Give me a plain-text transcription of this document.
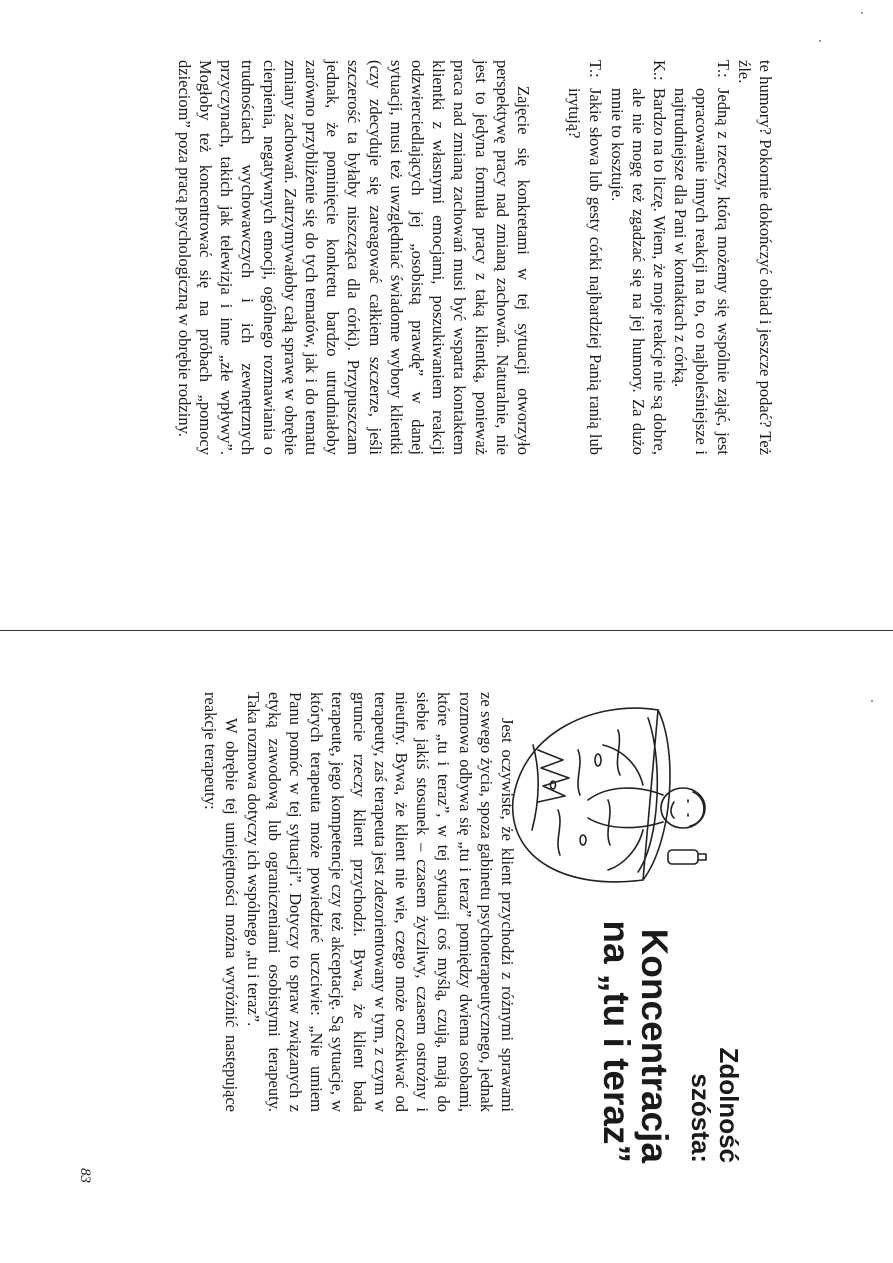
te humory? Pokornie dokończyć obiad i jeszcze podać? Też źle.

T.:
Jedną z rzeczy, którą możemy się wspólnie zająć, jest opracowanie innych reakcji na to, co najboleśniejsze i najtrudniejsze dla Pani w kontaktach z córką.
K.:
Bardzo na to liczę. Wiem, że moje reakcje nie są dobre, ale nie mogę też zgadzać się na jej humory. Za dużo mnie to kosztuje.
T.:
Jakie słowa lub gesty córki najbardziej Panią ranią lub irytują?

Zajęcie się konkretami w tej sytuacji otworzyło perspektywę pracy nad zmianą zachowań. Naturalnie, nie jest to jedyna formuła pracy z taką klientką, ponieważ praca nad zmianą zachowań musi być wsparta kontaktem klientki z własnymi emocjami, poszukiwaniem reakcji odzwierciedlających jej „osobistą prawdę” w danej sytuacji, musi też uwzględniać świadome wybory klientki (czy zdecyduje się zareagować całkiem szczerze, jeśli szczerość ta byłaby niszcząca dla córki). Przypuszczam jednak, że pominięcie konkretu bardzo utrudniałoby zarówno przybliżenie się do tych tematów, jak i do tematu zmiany zachowań. Zatrzymywałoby całą sprawę w obrębie cierpienia, negatywnych emocji, ogólnego rozmawiania o trudnościach wychowawczych i ich zewnętrznych przyczynach, takich jak telewizja i inne „złe wpływy”. Mogłoby też koncentrować się na próbach „pomocy dzieciom” poza pracą psychologiczną w obrębie rodziny.

Zdolność
szósta:
Koncentracja
na „tu i teraz”

Jest oczywiste, że klient przychodzi z różnymi sprawami ze swego życia, spoza gabinetu psychoterapeutycznego, jednak rozmowa odbywa się „tu i teraz” pomiędzy dwiema osobami, które „tu i teraz”, w tej sytuacji coś myślą, czują, mają do siebie jakiś stosunek – czasem życzliwy, czasem ostrożny i nieufny. Bywa, że klient nie wie, czego może oczekiwać od terapeuty, zaś terapeuta jest zdezorientowany w tym, z czym w gruncie rzeczy klient przychodzi. Bywa, że klient bada terapeutę, jego kompetencje czy też akceptację. Są sytuacje, w których terapeuta może powiedzieć uczciwie: „Nie umiem Panu pomóc w tej sytuacji”. Dotyczy to spraw związanych z etyką zawodową lub ograniczeniami osobistymi terapeuty. Taka rozmowa dotyczy ich wspólnego „tu i teraz”.

W obrębie tej umiejętności można wyróżnić następujące reakcje terapeuty:

83
